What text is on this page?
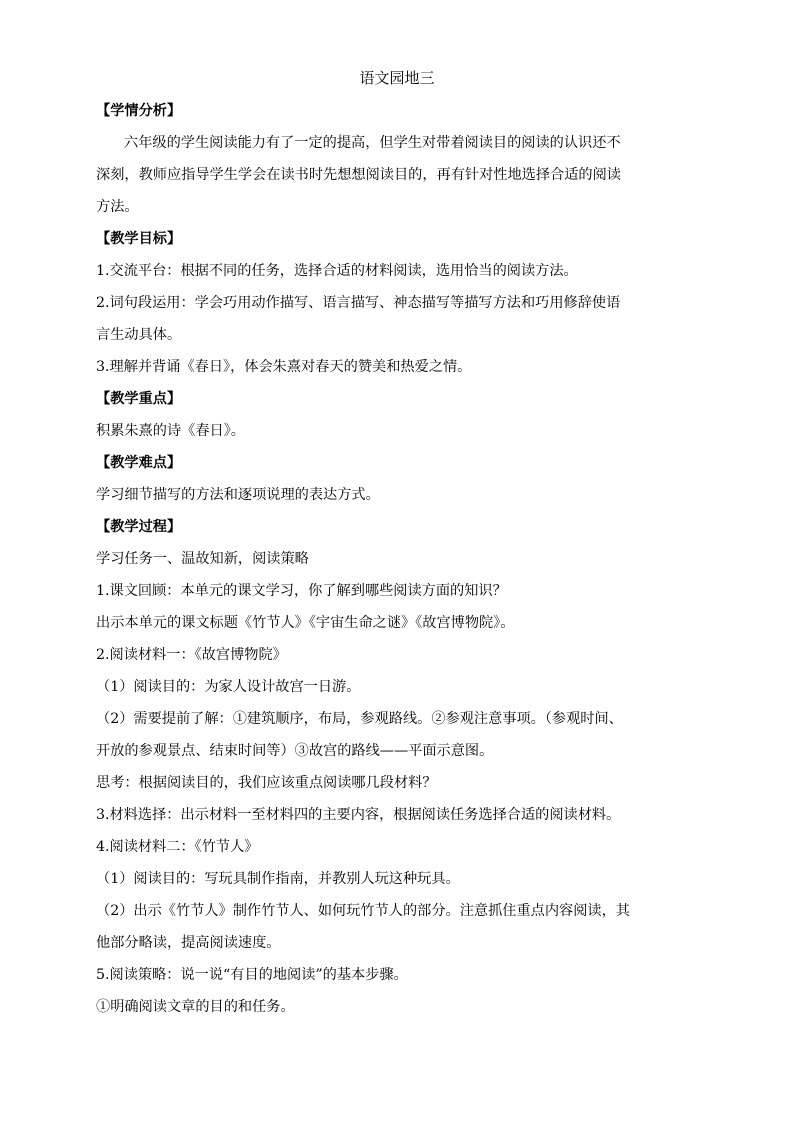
语文园地三

【学情分析】

六年级的学生阅读能力有了一定的提高，但学生对带着阅读目的阅读的认识还不

深刻，教师应指导学生学会在读书时先想想阅读目的，再有针对性地选择合适的阅读

方法。

【教学目标】

1.交流平台：根据不同的任务，选择合适的材料阅读，选用恰当的阅读方法。

2.词句段运用：学会巧用动作描写、语言描写、神态描写等描写方法和巧用修辞使语

言生动具体。

3.理解并背诵《春日》，体会朱熹对春天的赞美和热爱之情。

【教学重点】

积累朱熹的诗《春日》。

【教学难点】

学习细节描写的方法和逐项说理的表达方式。

【教学过程】

学习任务一、温故知新，阅读策略

1.课文回顾：本单元的课文学习，你了解到哪些阅读方面的知识？

出示本单元的课文标题《竹节人》《宇宙生命之谜》《故宫博物院》。

2.阅读材料一：《故宫博物院》

（1）阅读目的：为家人设计故宫一日游。

（2）需要提前了解：①建筑顺序，布局，参观路线。②参观注意事项。（参观时间、

开放的参观景点、结束时间等）③故宫的路线——平面示意图。

思考：根据阅读目的，我们应该重点阅读哪几段材料？

3.材料选择：出示材料一至材料四的主要内容，根据阅读任务选择合适的阅读材料。

4.阅读材料二：《竹节人》

（1）阅读目的：写玩具制作指南，并教别人玩这种玩具。

（2）出示《竹节人》制作竹节人、如何玩竹节人的部分。注意抓住重点内容阅读，其

他部分略读，提高阅读速度。

5.阅读策略：说一说“有目的地阅读”的基本步骤。

①明确阅读文章的目的和任务。
